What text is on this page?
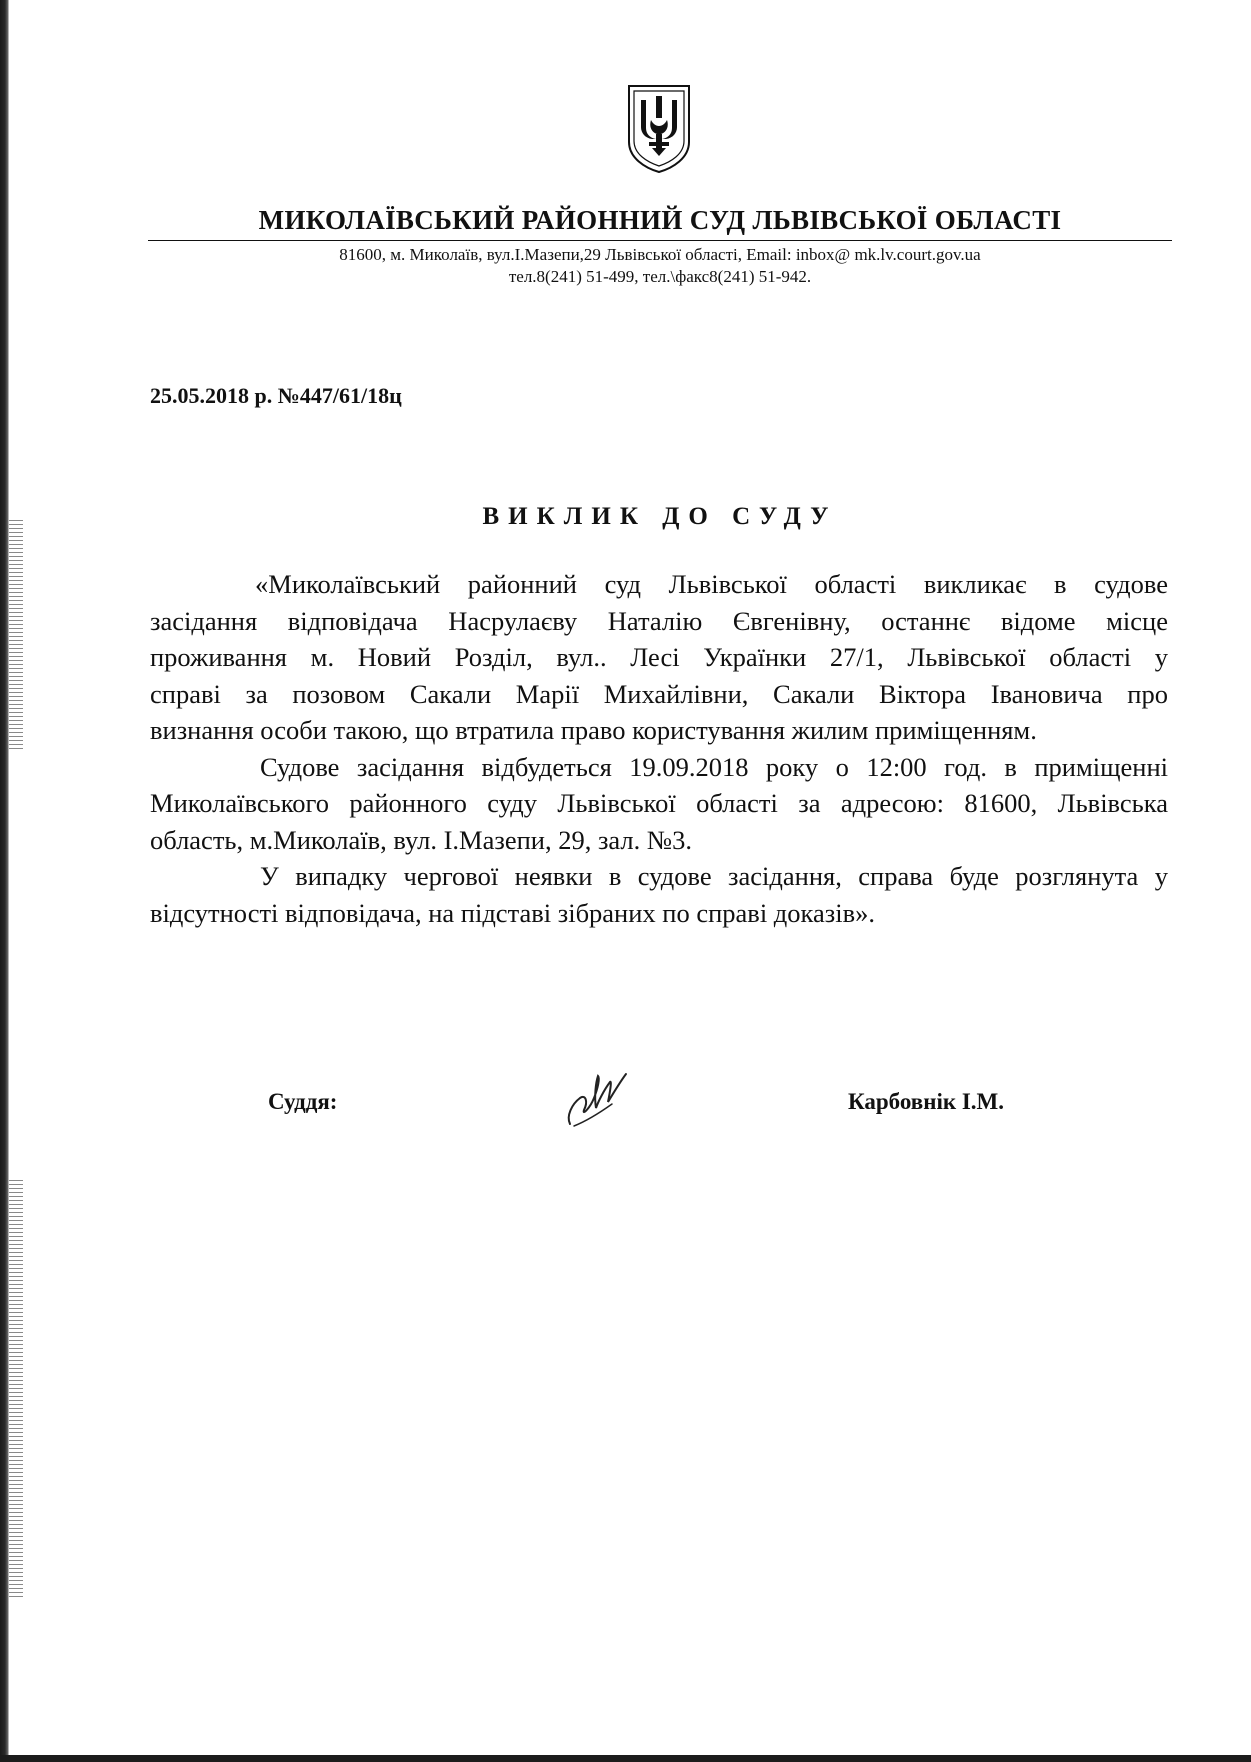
МИКОЛАЇВСЬКИЙ РАЙОННИЙ СУД ЛЬВІВСЬКОЇ ОБЛАСТІ
81600, м. Миколаїв, вул.І.Мазепи,29 Львівської області, Email: inbox@ mk.lv.court.gov.ua
тел.8(241) 51-499, тел.\факс8(241) 51-942.
25.05.2018 р. №447/61/18ц
ВИКЛИК ДО СУДУ
«Миколаївський районний суд Львівської області викликає в судове
засідання відповідача Насрулаєву Наталію Євгенівну, останнє відоме місце
проживання м. Новий Розділ, вул.. Лесі Українки 27/1, Львівської області у
справі за позовом Сакали Марії Михайлівни, Сакали Віктора Івановича про
визнання особи такою, що втратила право користування жилим приміщенням.
Судове засідання відбудеться 19.09.2018 року о 12:00 год. в приміщенні
Миколаївського районного суду Львівської області за адресою: 81600, Львівська
область, м.Миколаїв, вул. І.Мазепи, 29, зал. №3.
У випадку чергової неявки в судове засідання, справа буде розглянута у
відсутності відповідача, на підставі зібраних по справі доказів».
Суддя:	Карбовнік І.М.
